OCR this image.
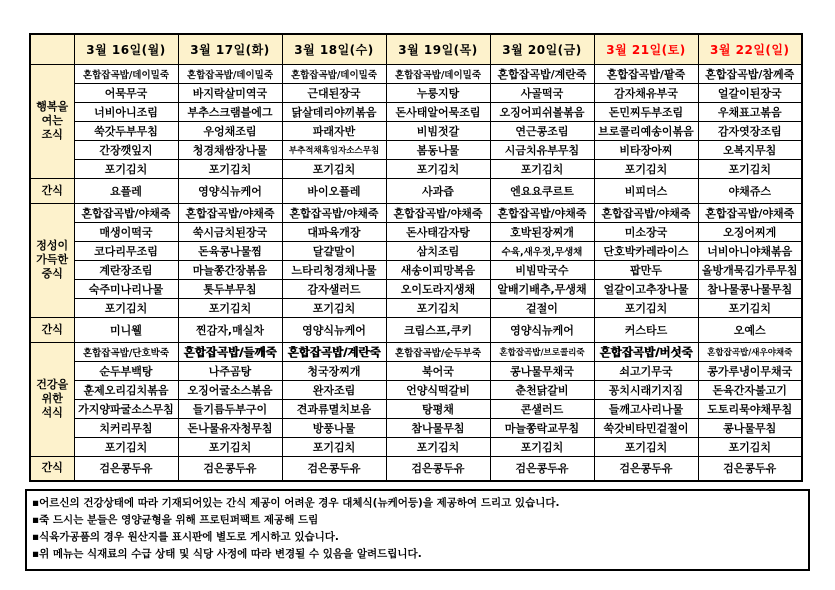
	3월 16일(월)	3월 17일(화)	3월 18일(수)	3월 19일(목)	3월 20일(금)	3월 21일(토)	3월 22일(일)
행복을
여는
조식	혼합잡곡밥/데이밀죽	혼합잡곡밥/데이밀죽	혼합잡곡밥/데이밀죽	혼합잡곡밥/데이밀죽	혼합잡곡밥/계란죽	혼합잡곡밥/팥죽	혼합잡곡밥/참께죽
	어묵무국	바지락살미역국	근대된장국	누룽지탕	사골떡국	감자채유부국	얼갈이된장국
	너비아니조림	부추스크램블에그	닭살데리야끼볶음	돈사태알어묵조림	오징어피쉬볼볶음	돈민찌두부조림	우채표고볶음
	쑥갓두부무침	우엉채조림	파래자반	비빔젓갈	연근콩조림	브로콜리예송이볶음	감자엿장조림
	간장깻잎지	청경채쌈장나물	부추적채흑임자소스무침	봄동나물	시금치유부무침	비타장아찌	오복지무침
	포기김치	포기김치	포기김치	포기김치	포기김치	포기김치	포기김치
간식	요플레	영양식뉴케어	바이오플레	사과즙	엔요요쿠르트	비피더스	야채쥬스
정성이
가득한
중식	혼합잡곡밥/야채죽	혼합잡곡밥/야채죽	혼합잡곡밥/야채죽	혼합잡곡밥/야채죽	혼합잡곡밥/야채죽	혼합잡곡밥/야채죽	혼합잡곡밥/야채죽
	매생이떡국	쑥시금치된장국	대파육개장	돈사태감자탕	호박된장찌개	미소장국	오징어찌게
	코다리무조림	돈육콩나물찜	달걀말이	삼치조림	수육,새우젓,무생채	단호박카레라이스	너비아니야채볶음
	계란장조림	마늘쫑간장볶음	느타리청경채나물	새송이피망복음	비빔막국수	팝만두	올방개묵김가루무침
	숙주미나리나물	톳두부무침	감자샐러드	오이도라지생채	알배기배추,무생채	얼갈이고추장나물	참나물콩나물무침
	포기김치	포기김치	포기김치	포기김치	겉절이	포기김치	포기김치
간식	미니웰	찐감자,매실차	영양식뉴케어	크림스프,쿠키	영양식뉴케어	커스타드	오예스
건강을
위한
석식	혼합잡곡밥/단호박죽	혼합잡곡밥/들깨죽	혼합잡곡밥/계란죽	혼합잡곡밥/순두부죽	혼합잡곡밥/브로콜리죽	혼합잡곡밥/버섯죽	혼합잡곡밥/새우야채죽
	순두부백탕	나주곰탕	청국장찌개	북어국	콩나물무채국	쇠고기무국	콩가루냉이무채국
	훈제오리김치볶음	오징어굴소스볶음	완자조림	언양식떡갈비	춘천닭갈비	꽁치시래기지짐	돈육간자불고기
	가지양파굴소스무침	들기름두부구이	견과류멸치보음	탕평채	콘샐러드	들깨고사리나물	도토리묵야채무침
	치커리무침	돈나물유자청무침	방풍나물	참나물무침	마늘쫑락교무침	쑥갓비타민겉절이	콩나물무침
	포기김치	포기김치	포기김치	포기김치	포기김치	포기김치	포기김치
간식	검은콩두유	검은콩두유	검은콩두유	검은콩두유	검은콩두유	검은콩두유	검은콩두유
▪어르신의 건강상태에 따라 기재되어있는 간식 제공이 어려운 경우 대체식(뉴케어등)을 제공하여 드리고 있습니다.
▪죽 드시는 분들은 영양균형을 위해 프로틴퍼팩트 제공해 드림
▪식육가공품의 경우 원산지를 표시판에 별도로 게시하고 있습니다.
▪위 메뉴는 식재료의 수급 상태 및 식당 사정에 따라 변경될 수 있음을 알려드립니다.
